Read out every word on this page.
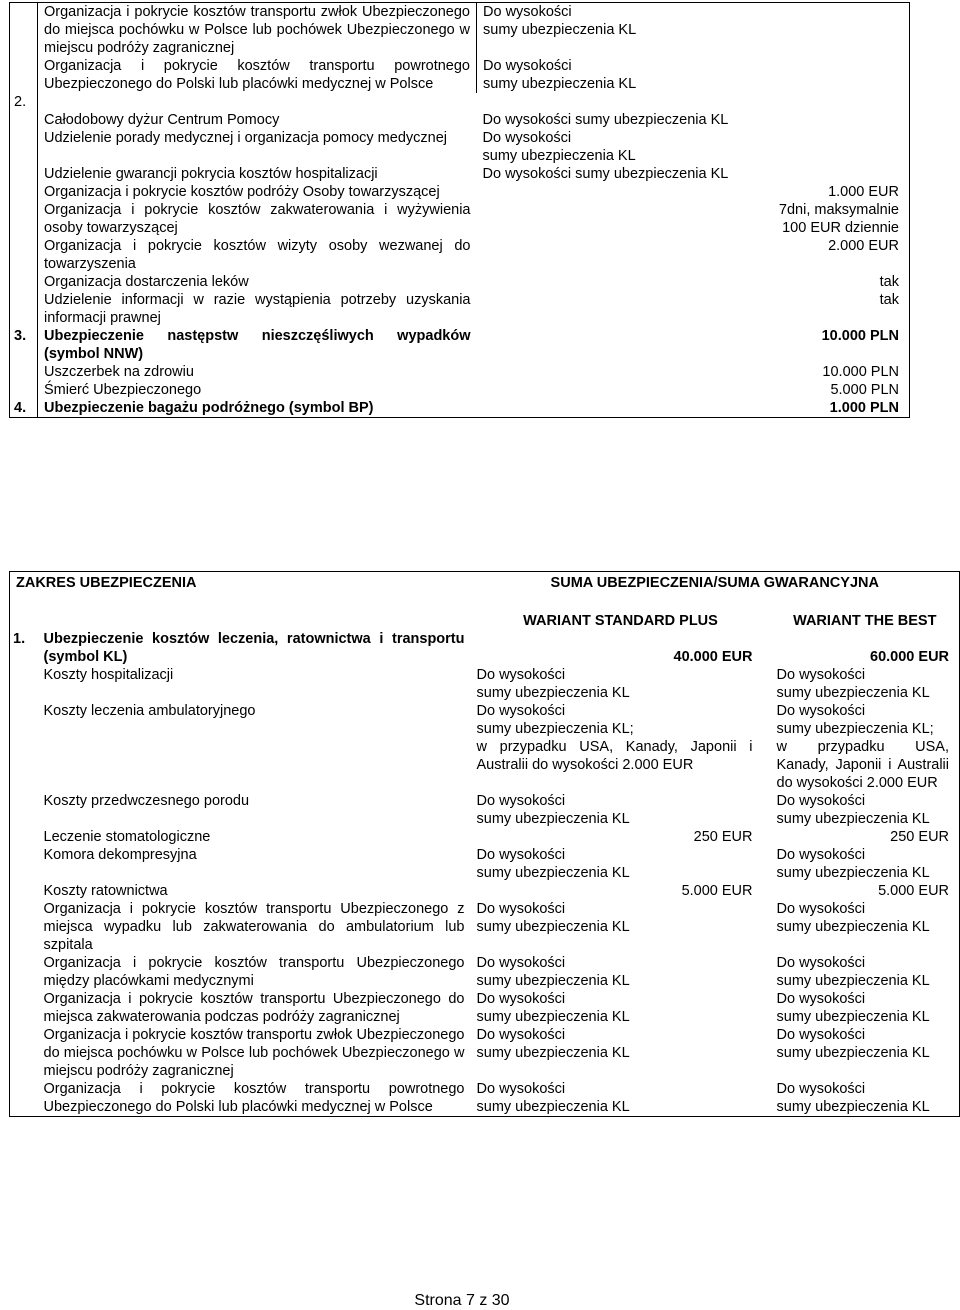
	Organizacja i pokrycie kosztów transportu zwłok Ubezpieczonego do miejsca pochówku w Polsce lub pochówek Ubezpieczonego w miejscu podróży zagranicznej	Do wysokości
sumy ubezpieczenia KL
	Organizacja i pokrycie kosztów transportu powrotnego Ubezpieczonego do Polski lub placówki medycznej w Polsce	Do wysokości
sumy ubezpieczenia KL
2.		
	Całodobowy dyżur Centrum Pomocy	Do wysokości sumy ubezpieczenia KL
	Udzielenie porady medycznej i organizacja pomocy medycznej	Do wysokości
sumy ubezpieczenia KL
	Udzielenie gwarancji pokrycia kosztów hospitalizacji	Do wysokości sumy ubezpieczenia KL
	Organizacja i pokrycie kosztów podróży Osoby towarzyszącej	1.000 EUR
	Organizacja i pokrycie kosztów zakwaterowania i wyżywienia osoby towarzyszącej	7dni, maksymalnie
100 EUR dziennie
	Organizacja i pokrycie kosztów wizyty osoby wezwanej do towarzyszenia	2.000 EUR
	Organizacja dostarczenia leków	tak
	Udzielenie informacji w razie wystąpienia potrzeby uzyskania informacji prawnej	tak
3.	Ubezpieczenie następstw nieszczęśliwych wypadków (symbol NNW)	10.000 PLN
	Uszczerbek na zdrowiu	10.000 PLN
	Śmierć Ubezpieczonego	5.000 PLN
4.	Ubezpieczenie bagażu podróżnego (symbol BP)	1.000 PLN
ZAKRES UBEZPIECZENIA		SUMA UBEZPIECZENIA/SUMA GWARANCYJNA	
		WARIANT STANDARD PLUS	WARIANT THE BEST
1.	Ubezpieczenie kosztów leczenia, ratownictwa i transportu (symbol KL)	40.000 EUR	60.000 EUR
	Koszty hospitalizacji	Do wysokości
sumy ubezpieczenia KL	Do wysokości
sumy ubezpieczenia KL
	Koszty leczenia ambulatoryjnego	Do wysokości
sumy ubezpieczenia KL;
w przypadku USA, Kanady, Japonii i Australii do wysokości 2.000 EUR	Do wysokości
sumy ubezpieczenia KL;
w przypadku USA, Kanady, Japonii i Australii do wysokości 2.000 EUR
	Koszty przedwczesnego porodu	Do wysokości
sumy ubezpieczenia KL	Do wysokości
sumy ubezpieczenia KL
	Leczenie stomatologiczne	250 EUR	250 EUR
	Komora dekompresyjna	Do wysokości
sumy ubezpieczenia KL	Do wysokości
sumy ubezpieczenia KL
	Koszty ratownictwa	5.000 EUR	5.000 EUR
	Organizacja i pokrycie kosztów transportu Ubezpieczonego z miejsca wypadku lub zakwaterowania do ambulatorium lub szpitala	Do wysokości
sumy ubezpieczenia KL	Do wysokości
sumy ubezpieczenia KL
	Organizacja i pokrycie kosztów transportu Ubezpieczonego między placówkami medycznymi	Do wysokości
sumy ubezpieczenia KL	Do wysokości
sumy ubezpieczenia KL
	Organizacja i pokrycie kosztów transportu Ubezpieczonego do miejsca zakwaterowania podczas podróży zagranicznej	Do wysokości
sumy ubezpieczenia KL	Do wysokości
sumy ubezpieczenia KL
	Organizacja i pokrycie kosztów transportu zwłok Ubezpieczonego do miejsca pochówku w Polsce lub pochówek Ubezpieczonego w miejscu podróży zagranicznej	Do wysokości
sumy ubezpieczenia KL	Do wysokości
sumy ubezpieczenia KL
	Organizacja i pokrycie kosztów transportu powrotnego Ubezpieczonego do Polski lub placówki medycznej w Polsce	Do wysokości
sumy ubezpieczenia KL	Do wysokości
sumy ubezpieczenia KL
Strona 7 z 30
